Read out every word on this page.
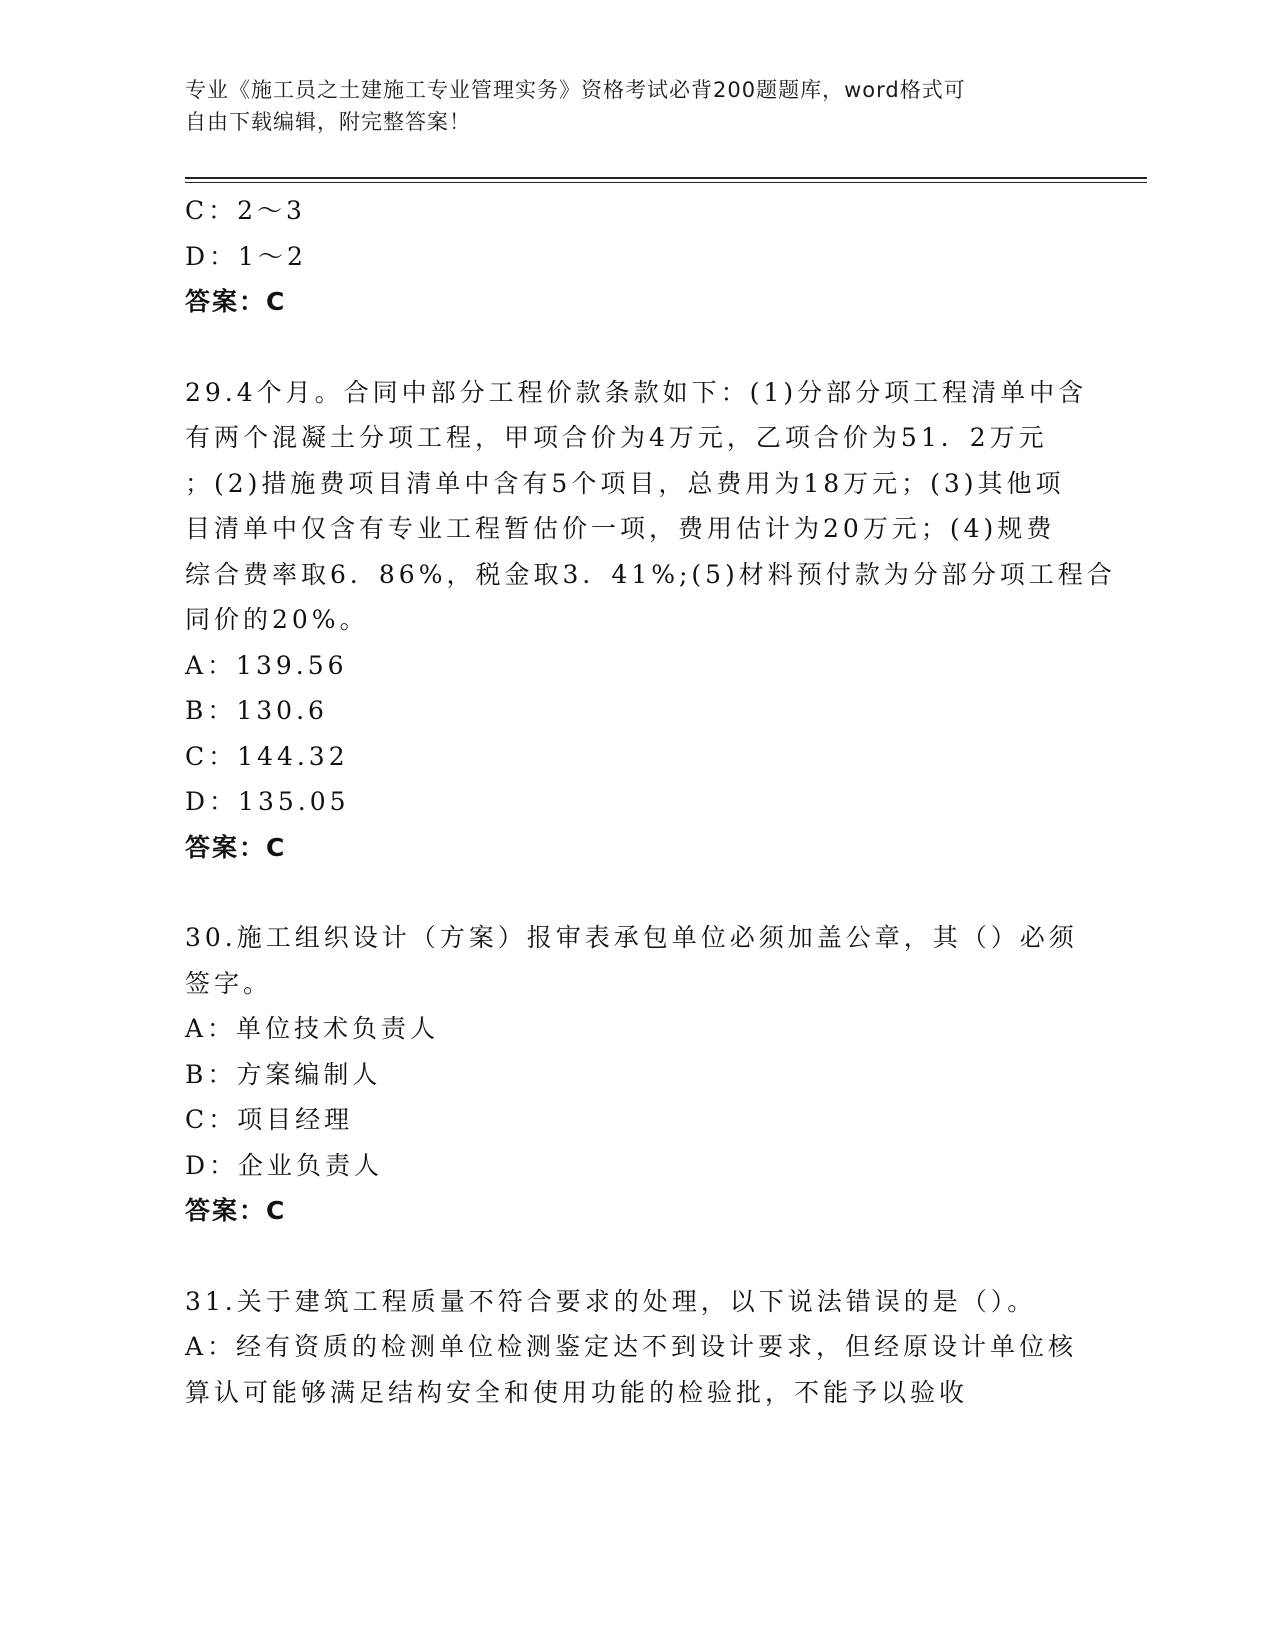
专业《施工员之土建施工专业管理实务》资格考试必背200题题库，word格式可
自由下载编辑，附完整答案！
C：2～3
D：1～2
答案：C
29.4个月。合同中部分工程价款条款如下：(1)分部分项工程清单中含
有两个混凝土分项工程，甲项合价为4万元，乙项合价为51．2万元
；(2)措施费项目清单中含有5个项目，总费用为18万元；(3)其他项
目清单中仅含有专业工程暂估价一项，费用估计为20万元；(4)规费
综合费率取6．86%，税金取3．41%;(5)材料预付款为分部分项工程合
同价的20%。
A：139.56
B：130.6
C：144.32
D：135.05
答案：C
30.施工组织设计（方案）报审表承包单位必须加盖公章，其（）必须
签字。
A：单位技术负责人
B：方案编制人
C：项目经理
D：企业负责人
答案：C
31.关于建筑工程质量不符合要求的处理，以下说法错误的是（）。
A：经有资质的检测单位检测鉴定达不到设计要求，但经原设计单位核
算认可能够满足结构安全和使用功能的检验批，不能予以验收
